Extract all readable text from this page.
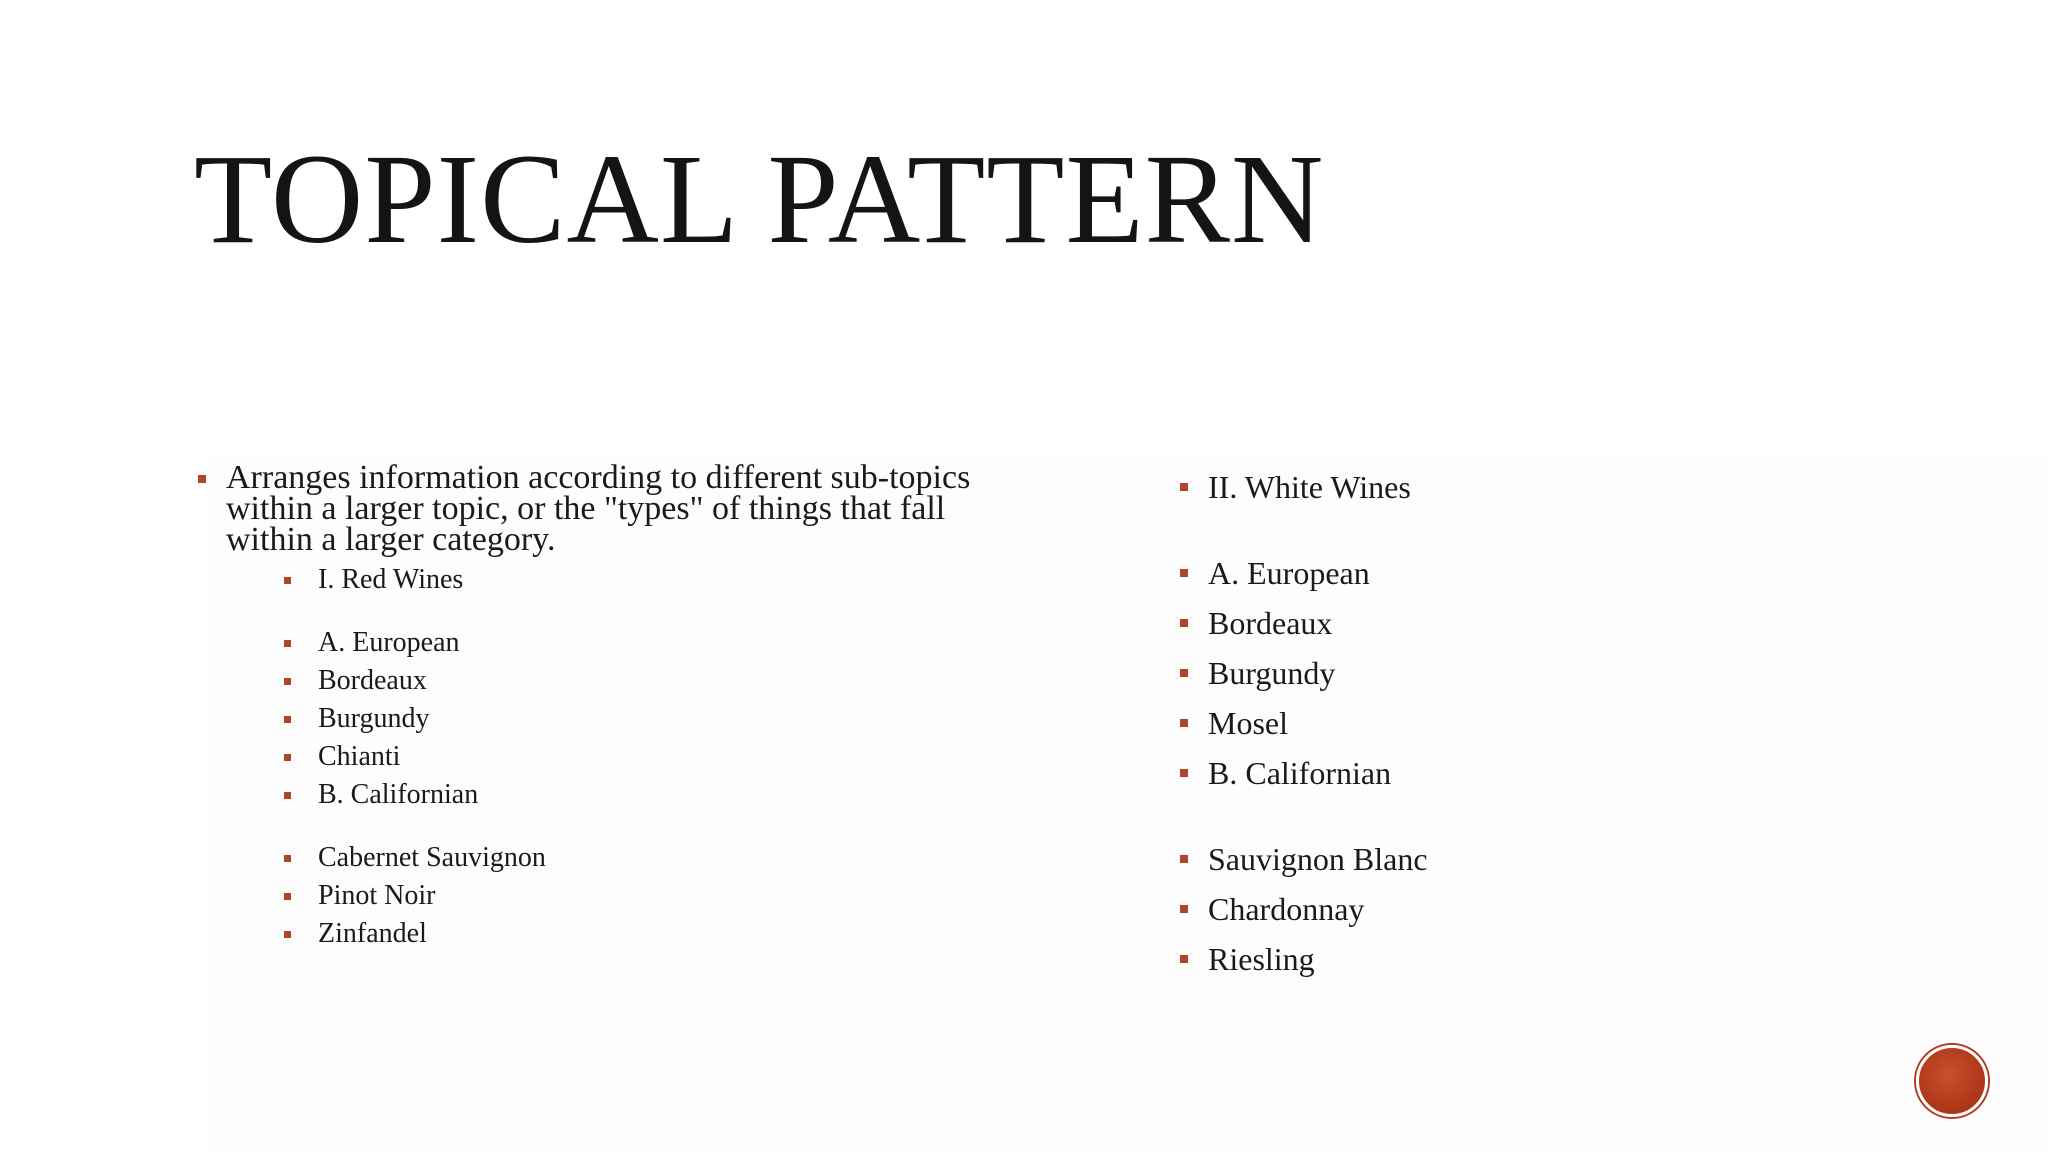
TOPICAL PATTERN
Arranges information according to different sub-topics within a larger topic, or the "types" of things that fall within a larger category.
I. Red Wines
A. European
Bordeaux
Burgundy
Chianti
B. Californian
Cabernet Sauvignon
Pinot Noir
Zinfandel
II. White Wines
A. European
Bordeaux
Burgundy
Mosel
B. Californian
Sauvignon Blanc
Chardonnay
Riesling
